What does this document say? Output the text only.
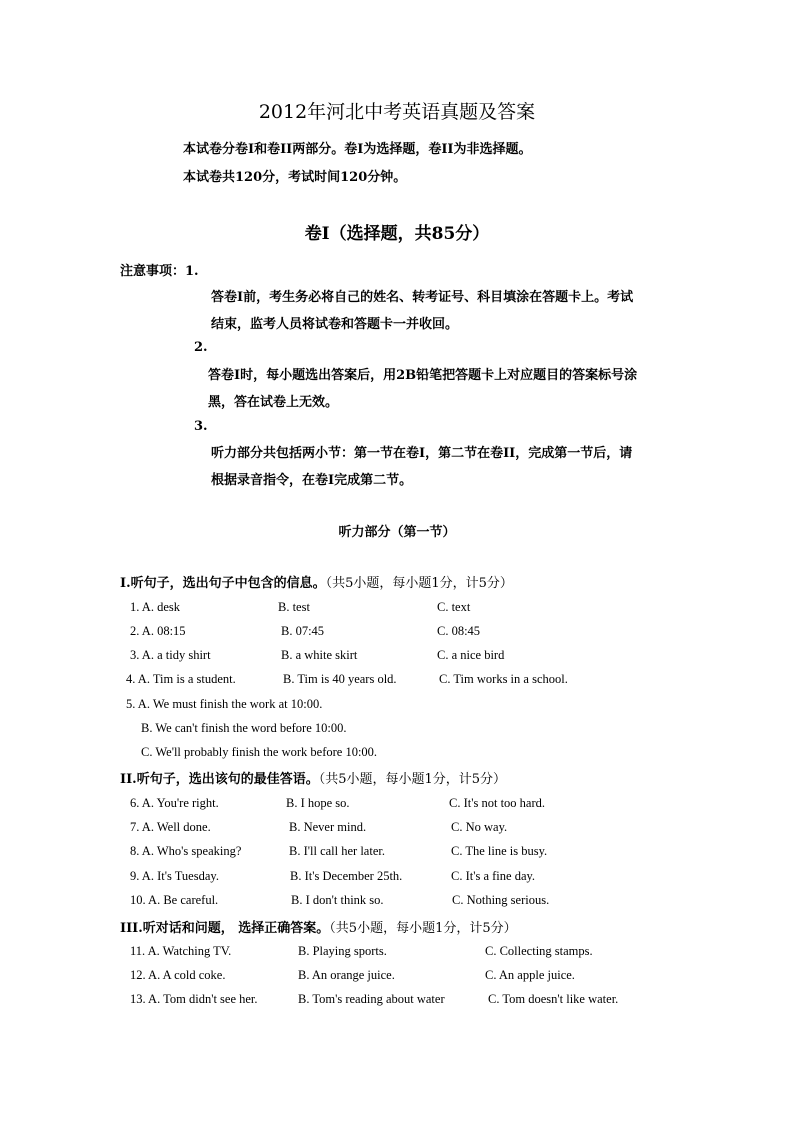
2012年河北中考英语真题及答案
本试卷分卷I和卷II两部分。卷I为选择题，卷II为非选择题。
本试卷共120分，考试时间120分钟。
卷I（选择题，共85分）
注意事项：1.
答卷I前，考生务必将自己的姓名、转考证号、科目填涂在答题卡上。考试
结束，监考人员将试卷和答题卡一并收回。
2.
答卷I时，每小题选出答案后，用2B铅笔把答题卡上对应题目的答案标号涂
黑，答在试卷上无效。
3.
听力部分共包括两小节：第一节在卷I，第二节在卷II，完成第一节后，请
根据录音指令，在卷I完成第二节。
听力部分（第一节）
I.听句子，选出句子中包含的信息。（共5小题，每小题1分，计5分）
1. A. desk	B. test	C. text
2. A. 08:15	B. 07:45	C. 08:45
3. A. a tidy shirt	B. a white skirt	C. a nice bird
4. A. Tim is a student.	B. Tim is 40 years old.	C. Tim works in a school.
5. A. We must finish the work at 10:00.
B. We can't finish the word before 10:00.
C. We'll probably finish the work before 10:00.
II.听句子，选出该句的最佳答语。（共5小题，每小题1分，计5分）
6. A. You're right.	B. I hope so.	C. It's not too hard.
7. A. Well done.	B. Never mind.	C. No way.
8. A. Who's speaking?	B. I'll call her later.	C. The line is busy.
9. A. It's Tuesday.	B. It's December 25th.	C. It's a fine day.
10. A. Be careful.	B. I don't think so.	C. Nothing serious.
III.听对话和问题， 选择正确答案。（共5小题，每小题1分，计5分）
11. A. Watching TV.	B. Playing sports.	C. Collecting stamps.
12. A. A cold coke.	B. An orange juice.	C. An apple juice.
13. A. Tom didn't see her.	B. Tom's reading about water	C. Tom doesn't like water.
